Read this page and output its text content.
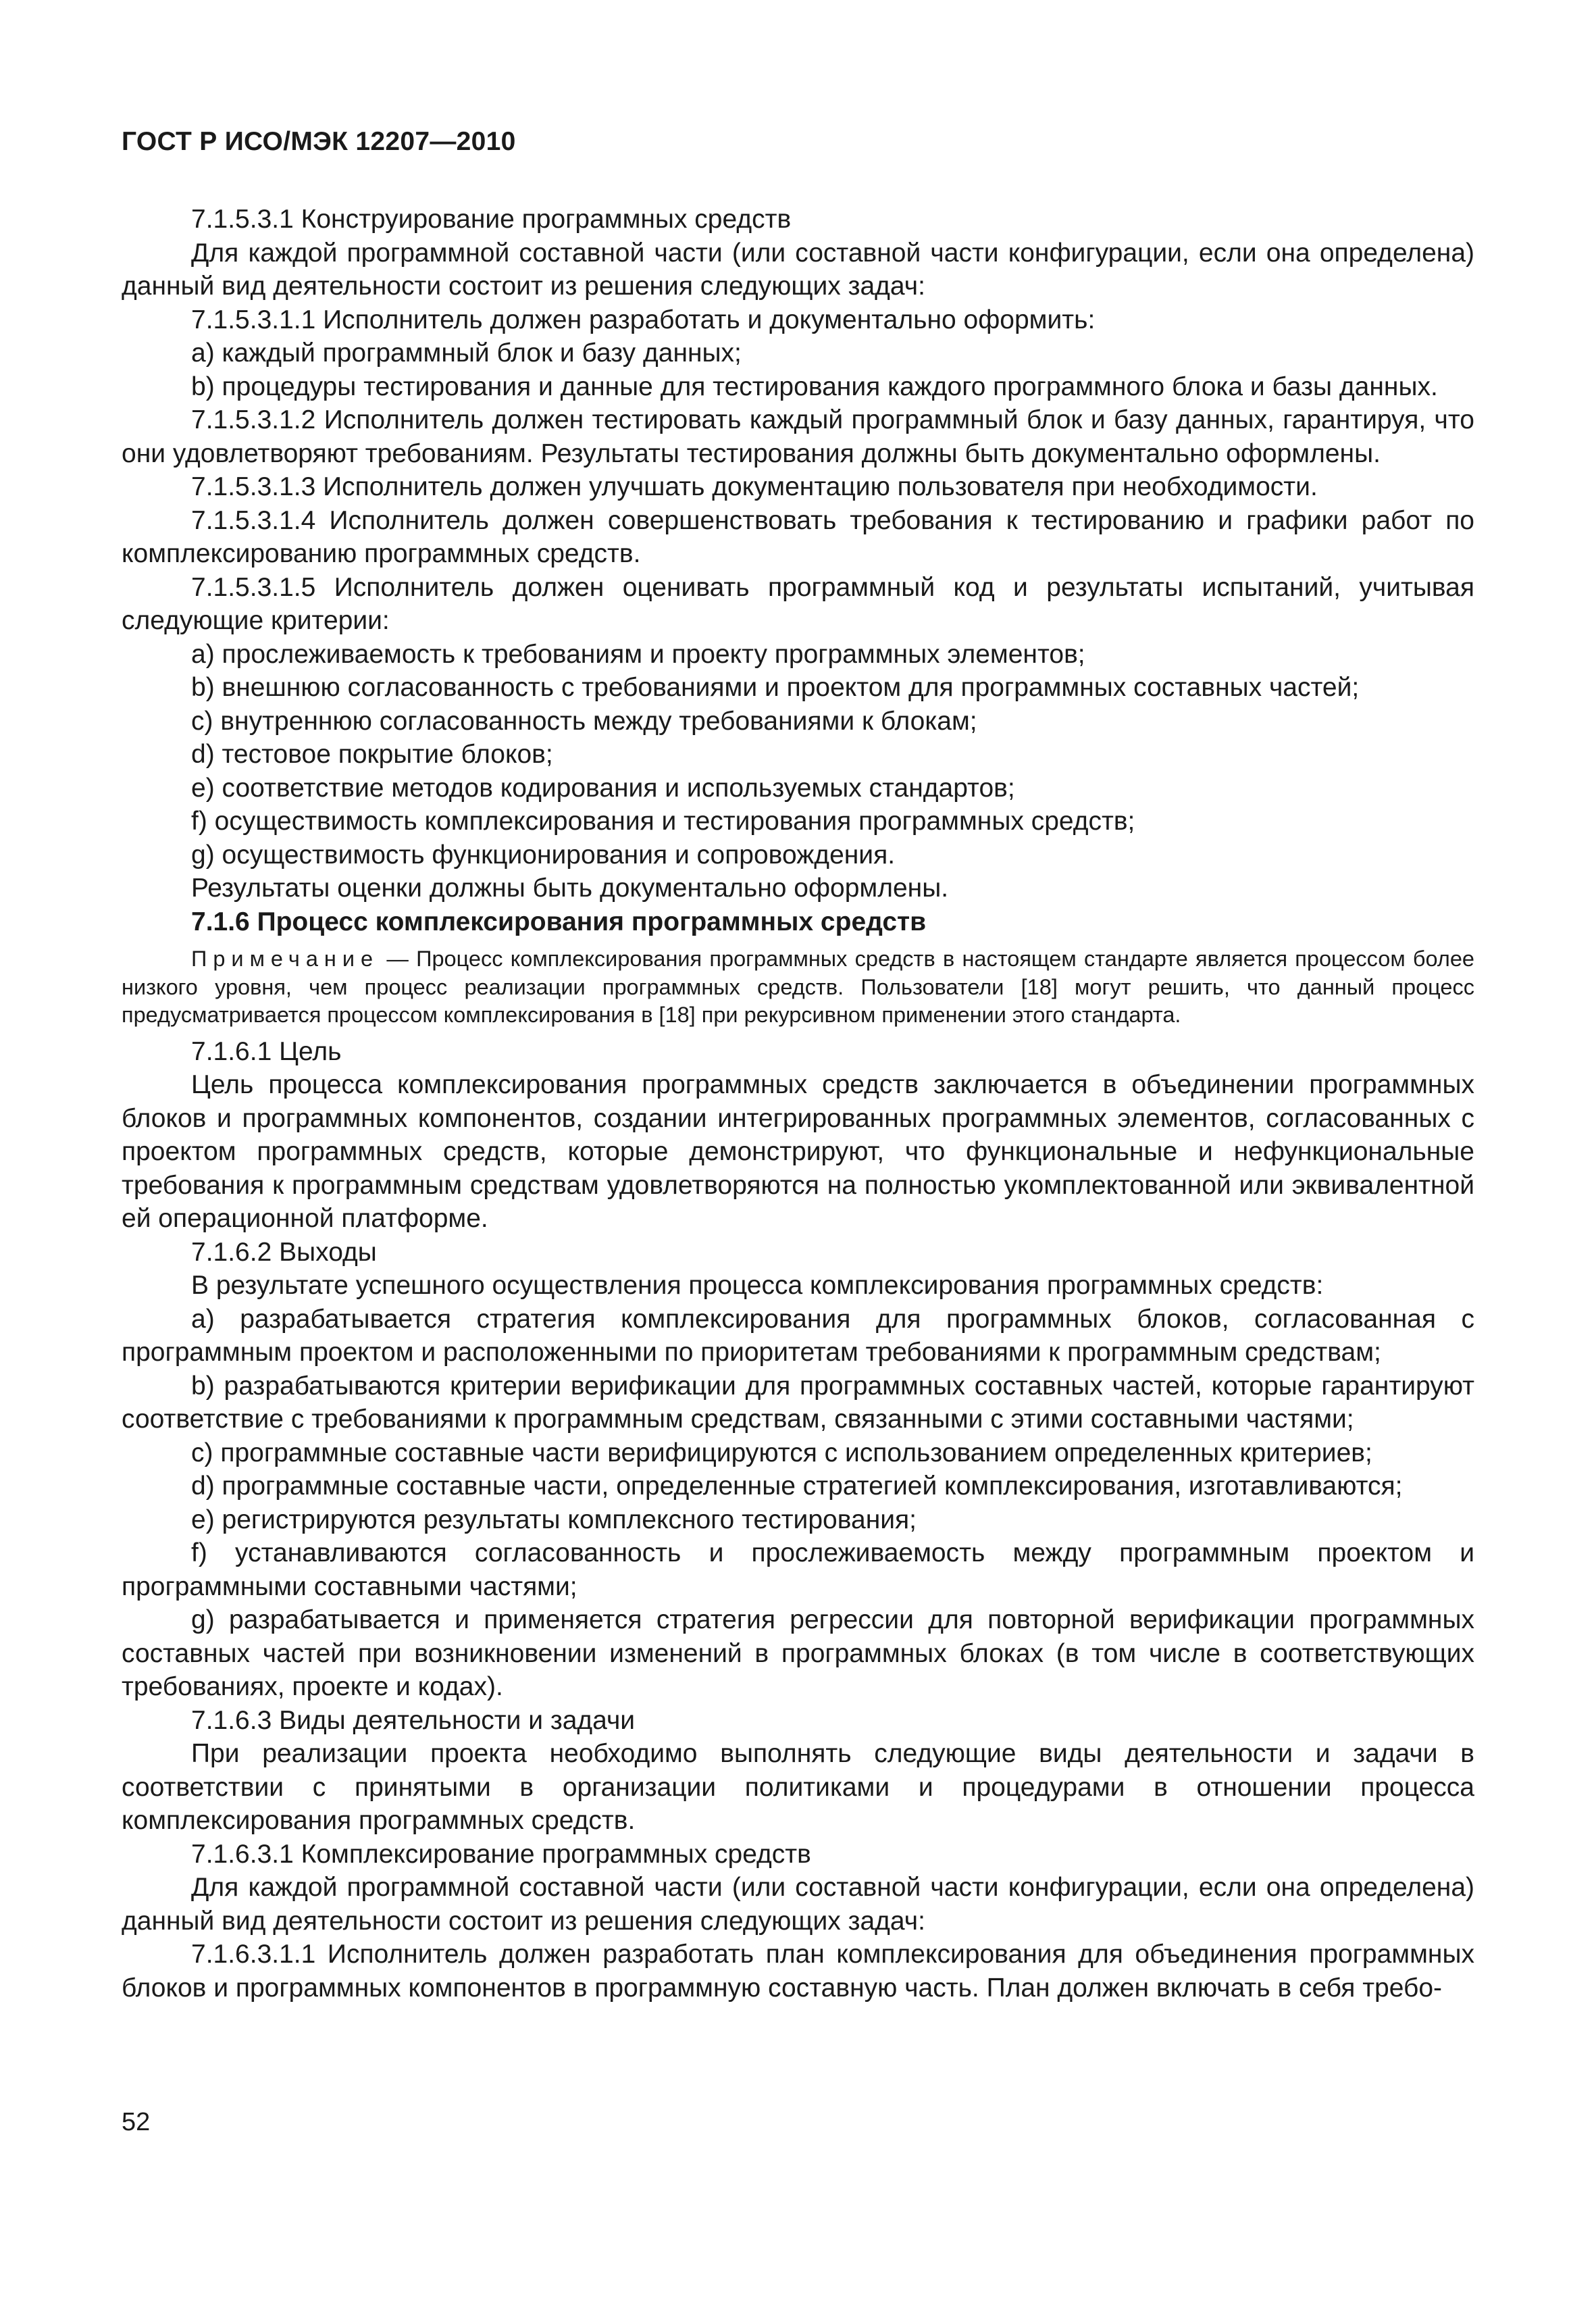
ГОСТ Р ИСО/МЭК 12207—2010

7.1.5.3.1 Конструирование программных средств

Для каждой программной составной части (или составной части конфигурации, если она определена) данный вид деятельности состоит из решения следующих задач:

7.1.5.3.1.1 Исполнитель должен разработать и документально оформить:

a) каждый программный блок и базу данных;

b) процедуры тестирования и данные для тестирования каждого программного блока и базы данных.

7.1.5.3.1.2 Исполнитель должен тестировать каждый программный блок и базу данных, гарантируя, что они удовлетворяют требованиям. Результаты тестирования должны быть документально оформлены.

7.1.5.3.1.3 Исполнитель должен улучшать документацию пользователя при необходимости.

7.1.5.3.1.4 Исполнитель должен совершенствовать требования к тестированию и графики работ по комплексированию программных средств.

7.1.5.3.1.5 Исполнитель должен оценивать программный код и результаты испытаний, учитывая следующие критерии:

a) прослеживаемость к требованиям и проекту программных элементов;

b) внешнюю согласованность с требованиями и проектом для программных составных частей;

c) внутреннюю согласованность между требованиями к блокам;

d) тестовое покрытие блоков;

e) соответствие методов кодирования и используемых стандартов;

f) осуществимость комплексирования и тестирования программных средств;

g) осуществимость функционирования и сопровождения.

Результаты оценки должны быть документально оформлены.

7.1.6 Процесс комплексирования программных средств

Примечание — Процесс комплексирования программных средств в настоящем стандарте является процессом более низкого уровня, чем процесс реализации программных средств. Пользователи [18] могут решить, что данный процесс предусматривается процессом комплексирования в [18] при рекурсивном применении этого стандарта.

7.1.6.1 Цель

Цель процесса комплексирования программных средств заключается в объединении программных блоков и программных компонентов, создании интегрированных программных элементов, согласованных с проектом программных средств, которые демонстрируют, что функциональные и нефункциональные требования к программным средствам удовлетворяются на полностью укомплектованной или эквивалентной ей операционной платформе.

7.1.6.2 Выходы

В результате успешного осуществления процесса комплексирования программных средств:

a) разрабатывается стратегия комплексирования для программных блоков, согласованная с программным проектом и расположенными по приоритетам требованиями к программным средствам;

b) разрабатываются критерии верификации для программных составных частей, которые гарантируют соответствие с требованиями к программным средствам, связанными с этими составными частями;

c) программные составные части верифицируются с использованием определенных критериев;

d) программные составные части, определенные стратегией комплексирования, изготавливаются;

e) регистрируются результаты комплексного тестирования;

f) устанавливаются согласованность и прослеживаемость между программным проектом и программными составными частями;

g) разрабатывается и применяется стратегия регрессии для повторной верификации программных составных частей при возникновении изменений в программных блоках (в том числе в соответствующих требованиях, проекте и кодах).

7.1.6.3 Виды деятельности и задачи

При реализации проекта необходимо выполнять следующие виды деятельности и задачи в соответствии с принятыми в организации политиками и процедурами в отношении процесса комплексирования программных средств.

7.1.6.3.1 Комплексирование программных средств

Для каждой программной составной части (или составной части конфигурации, если она определена) данный вид деятельности состоит из решения следующих задач:

7.1.6.3.1.1 Исполнитель должен разработать план комплексирования для объединения программных блоков и программных компонентов в программную составную часть. План должен включать в себя требо-

52
